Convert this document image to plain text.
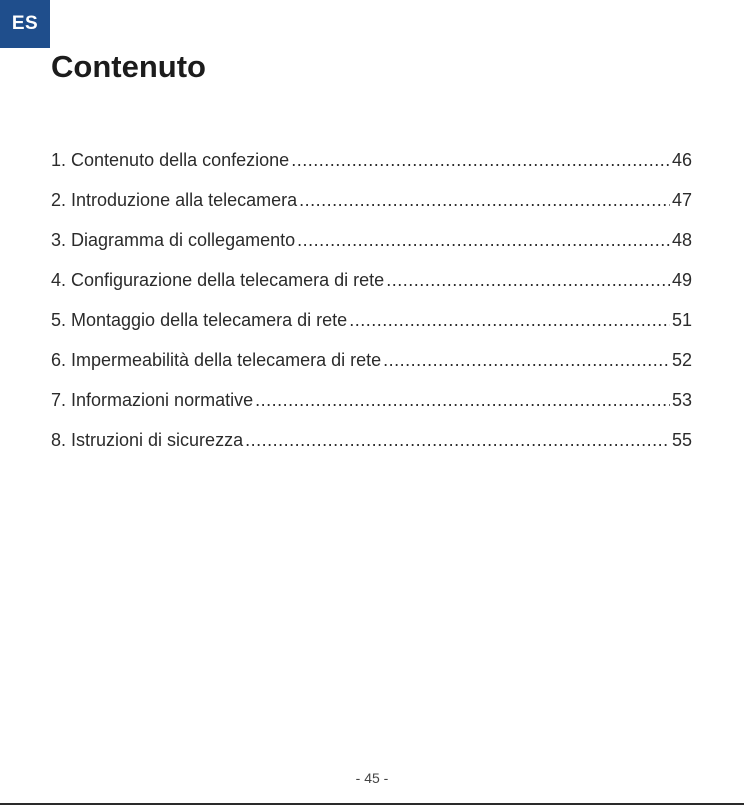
ES
Contenuto
1. Contenuto della confezione .....	46
2. Introduzione alla telecamera .....	47
3. Diagramma di collegamento .....	48
4. Configurazione della telecamera di rete .....	49
5. Montaggio della telecamera di rete .....	51
6. Impermeabilità della telecamera di rete .....	52
7. Informazioni normative .....	53
8. Istruzioni di sicurezza .....	55
- 45 -
